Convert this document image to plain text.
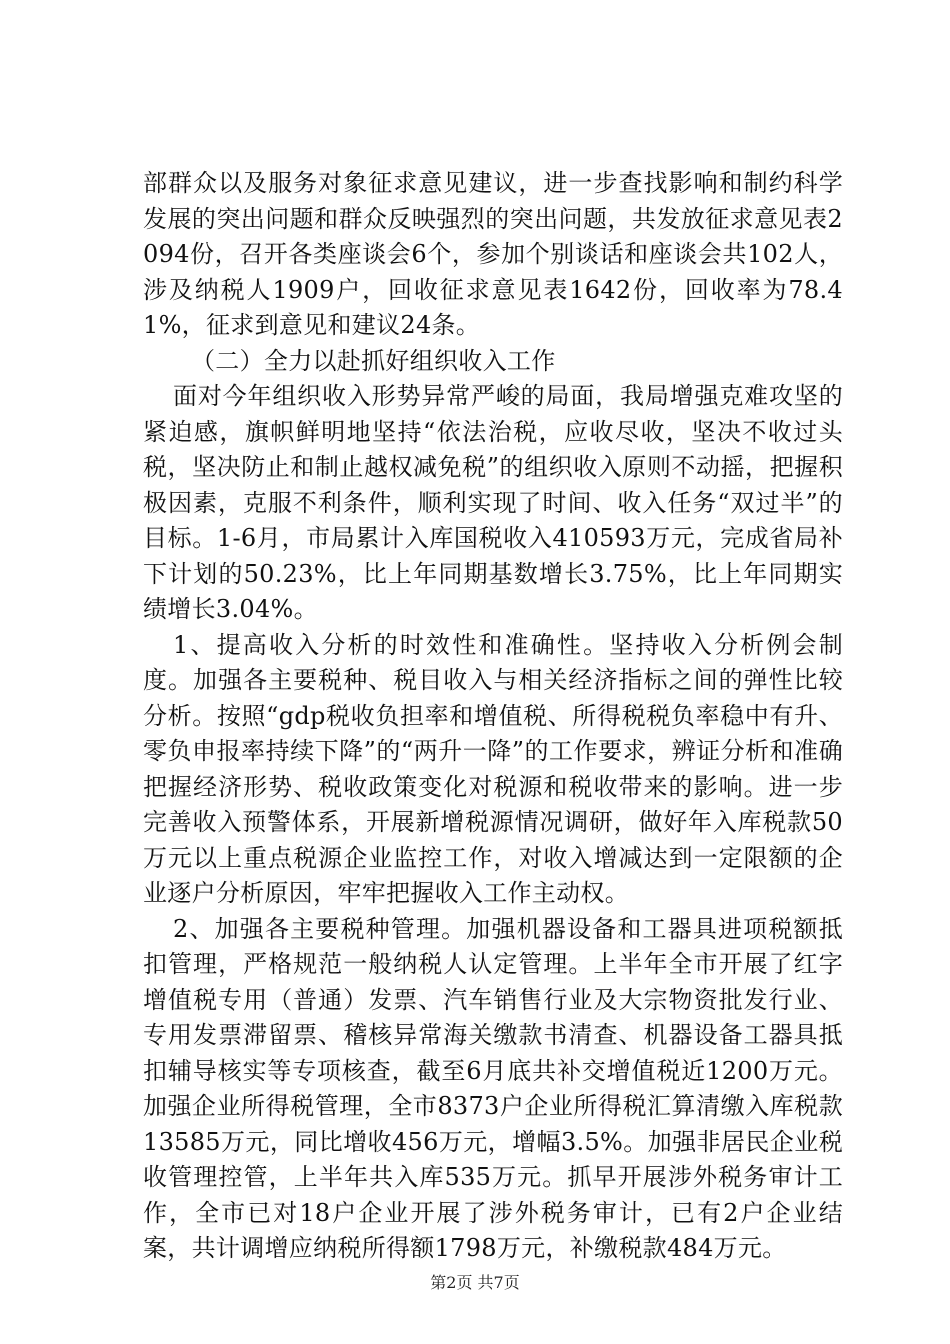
部群众以及服务对象征求意见建议，进一步查找影响和制约科学发展的突出问题和群众反映强烈的突出问题，共发放征求意见表2094份，召开各类座谈会6个，参加个别谈话和座谈会共102人，涉及纳税人1909户，回收征求意见表1642份，回收率为78.41%，征求到意见和建议24条。

（二）全力以赴抓好组织收入工作

面对今年组织收入形势异常严峻的局面，我局增强克难攻坚的紧迫感，旗帜鲜明地坚持“依法治税，应收尽收，坚决不收过头税，坚决防止和制止越权减免税”的组织收入原则不动摇，把握积极因素，克服不利条件，顺利实现了时间、收入任务“双过半”的目标。1-6月，市局累计入库国税收入410593万元，完成省局补下计划的50.23%，比上年同期基数增长3.75%，比上年同期实绩增长3.04%。

1、提高收入分析的时效性和准确性。坚持收入分析例会制度。加强各主要税种、税目收入与相关经济指标之间的弹性比较分析。按照“gdp税收负担率和增值税、所得税税负率稳中有升、零负申报率持续下降”的“两升一降”的工作要求，辨证分析和准确把握经济形势、税收政策变化对税源和税收带来的影响。进一步完善收入预警体系，开展新增税源情况调研，做好年入库税款50万元以上重点税源企业监控工作，对收入增减达到一定限额的企业逐户分析原因，牢牢把握收入工作主动权。

2、加强各主要税种管理。加强机器设备和工器具进项税额抵扣管理，严格规范一般纳税人认定管理。上半年全市开展了红字增值税专用（普通）发票、汽车销售行业及大宗物资批发行业、专用发票滞留票、稽核异常海关缴款书清查、机器设备工器具抵扣辅导核实等专项核查，截至6月底共补交增值税近1200万元。加强企业所得税管理，全市8373户企业所得税汇算清缴入库税款13585万元，同比增收456万元，增幅3.5%。加强非居民企业税收管理控管，上半年共入库535万元。抓早开展涉外税务审计工作，全市已对18户企业开展了涉外税务审计，已有2户企业结案，共计调增应纳税所得额1798万元，补缴税款484万元。

第2页 共7页
